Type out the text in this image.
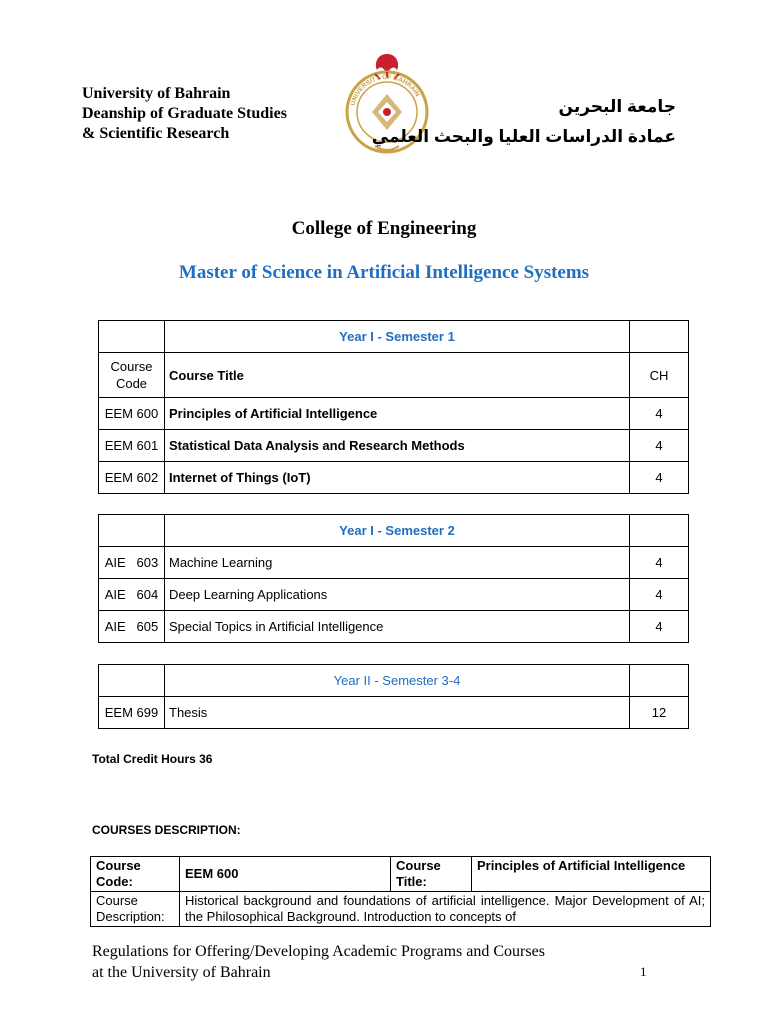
University of Bahrain
Deanship of Graduate Studies
& Scientific Research
UNIVERSITY OF BAHRAIN
جامعة البحرين
عمادة الدراسات العليا والبحث العلمي
College of Engineering
Master of Science in Artificial Intelligence Systems
	Year I - Semester 1	
Course Code	Course Title	CH
EEM 600	Principles of Artificial Intelligence	4
EEM 601	Statistical Data Analysis and Research Methods	4
EEM 602	Internet of Things (IoT)	4
	Year I - Semester 2	
AIE   603	Machine Learning	4
AIE   604	Deep Learning Applications	4
AIE   605	Special Topics in Artificial Intelligence	4
	Year II - Semester 3-4	
EEM 699	Thesis	12
Total Credit Hours 36
COURSES DESCRIPTION:
Course Code:	EEM 600	Course Title:	Principles of Artificial Intelligence
Course Description:	Historical background and foundations of artificial intelligence. Major Development of AI; the Philosophical Background. Introduction to concepts of		
Regulations for Offering/Developing Academic Programs and Courses
at the University of Bahrain	1
